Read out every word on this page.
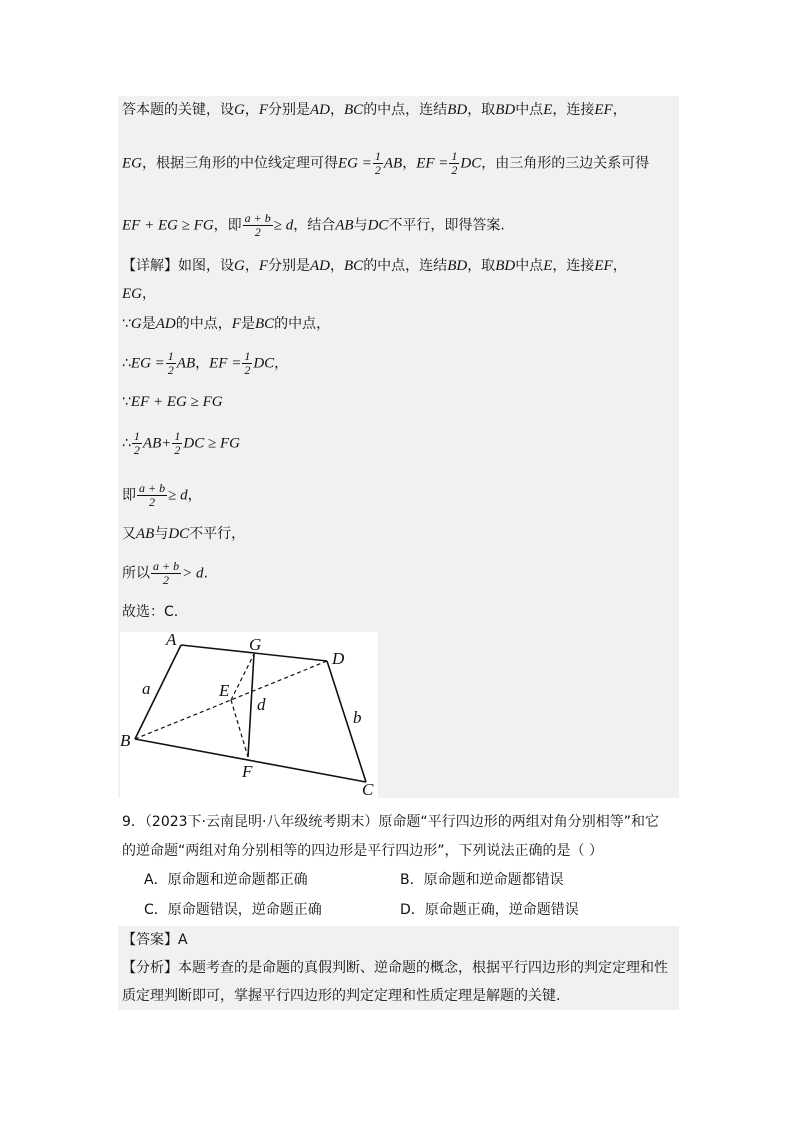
答本题的关键，设G，F分别是AD，BC的中点，连结BD，取BD中点E，连接EF，
EG，根据三角形的中位线定理可得EG = $\frac{1}{2}$ AB，EF = $\frac{1}{2}$ DC，由三角形的三边关系可得
EF + EG ≥ FG，即 $\frac{a + b}{2} \ge d$，结合AB与DC不平行，即得答案.
【详解】如图，设G，F分别是AD，BC的中点，连结BD，取BD中点E，连接EF，
EG，
∵G是AD的中点，F是BC的中点，
∴EG = $\frac{1}{2}$ AB，EF = $\frac{1}{2}$ DC，
∵EF + EG ≥ FG
∴ $\frac{1}{2} AB+ \frac{1}{2}$ DC ≥ FG
即 $\frac{a + b}{2} \ge d$，
又AB与DC不平行，
所以 $\frac{a + b}{2} > d$.
故选：C.
A	G
D
a	E
d
b
B
F
C
9．（2023下·云南昆明·八年级统考期末）原命题“平行四边形的两组对角分别相等”和它
的逆命题“两组对角分别相等的四边形是平行四边形”，下列说法正确的是（ ）
A．原命题和逆命题都正确	B．原命题和逆命题都错误
C．原命题错误，逆命题正确	D．原命题正确，逆命题错误
【答案】A
【分析】本题考查的是命题的真假判断、逆命题的概念，根据平行四边形的判定定理和性
质定理判断即可，掌握平行四边形的判定定理和性质定理是解题的关键.
